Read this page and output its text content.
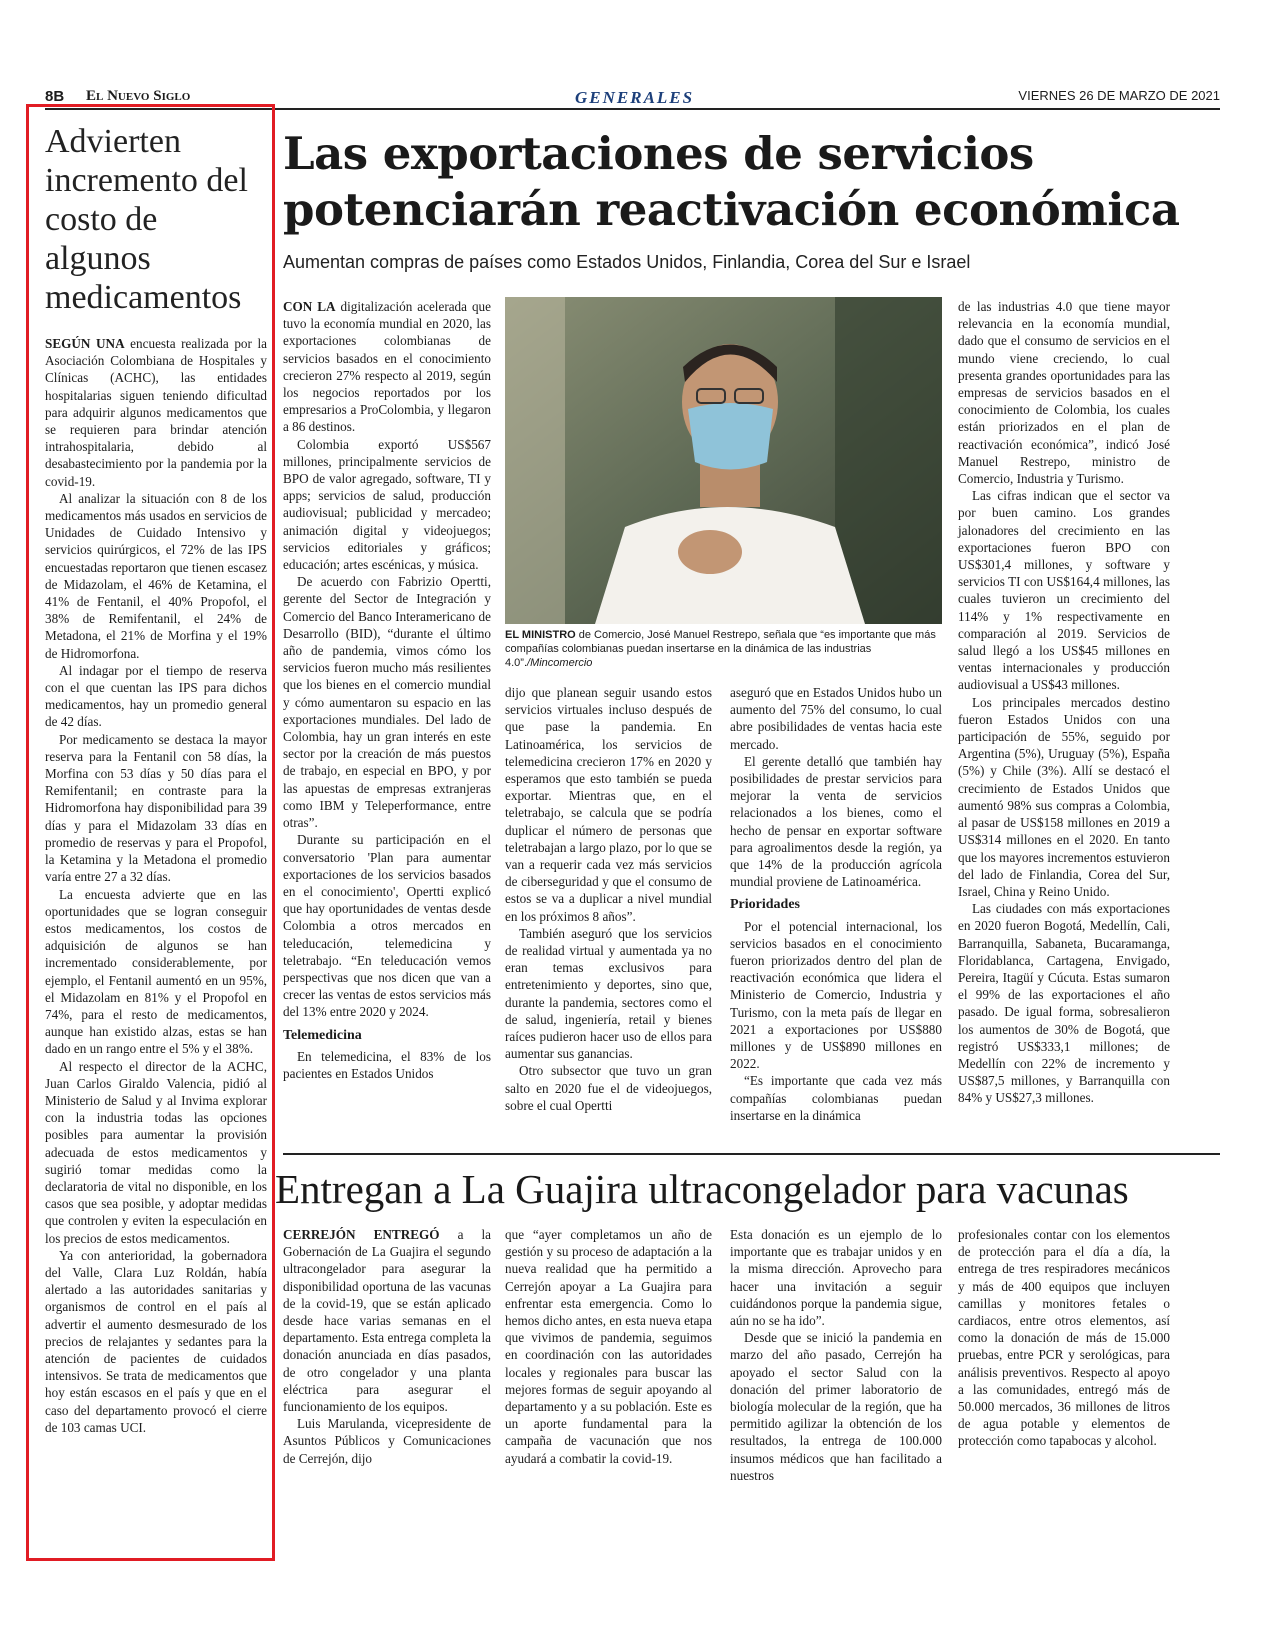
8B El Nuevo Siglo	GENERALES	VIERNES 26 DE MARZO DE 2021
Advierten incremento del costo de algunos medicamentos

SEGÚN UNA encuesta realizada por la Asociación Colombiana de Hospitales y Clínicas (ACHC), las entidades hospitalarias siguen teniendo dificultad para adquirir algunos medicamentos que se requieren para brindar atención intrahospitalaria, debido al desabastecimiento por la pandemia por la covid-19.

Al analizar la situación con 8 de los medicamentos más usados en servicios de Unidades de Cuidado Intensivo y servicios quirúrgicos, el 72% de las IPS encuestadas reportaron que tienen escasez de Midazolam, el 46% de Ketamina, el 41% de Fentanil, el 40% Propofol, el 38% de Remifentanil, el 24% de Metadona, el 21% de Morfina y el 19% de Hidromorfona.

Al indagar por el tiempo de reserva con el que cuentan las IPS para dichos medicamentos, hay un promedio general de 42 días.

Por medicamento se destaca la mayor reserva para la Fentanil con 58 días, la Morfina con 53 días y 50 días para el Remifentanil; en contraste para la Hidromorfona hay disponibilidad para 39 días y para el Midazolam 33 días en promedio de reservas y para el Propofol, la Ketamina y la Metadona el promedio varía entre 27 a 32 días.

La encuesta advierte que en las oportunidades que se logran conseguir estos medicamentos, los costos de adquisición de algunos se han incrementado considerablemente, por ejemplo, el Fentanil aumentó en un 95%, el Midazolam en 81% y el Propofol en 74%, para el resto de medicamentos, aunque han existido alzas, estas se han dado en un rango entre el 5% y el 38%.

Al respecto el director de la ACHC, Juan Carlos Giraldo Valencia, pidió al Ministerio de Salud y al Invima explorar con la industria todas las opciones posibles para aumentar la provisión adecuada de estos medicamentos y sugirió tomar medidas como la declaratoria de vital no disponible, en los casos que sea posible, y adoptar medidas que controlen y eviten la especulación en los precios de estos medicamentos.

Ya con anterioridad, la gobernadora del Valle, Clara Luz Roldán, había alertado a las autoridades sanitarias y organismos de control en el país al advertir el aumento desmesurado de los precios de relajantes y sedantes para la atención de pacientes de cuidados intensivos. Se trata de medicamentos que hoy están escasos en el país y que en el caso del departamento provocó el cierre de 103 camas UCI.

Las exportaciones de servicios potenciarán reactivación económica
Aumentan compras de países como Estados Unidos, Finlandia, Corea del Sur e Israel

CON LA digitalización acelerada que tuvo la economía mundial en 2020, las exportaciones colombianas de servicios basados en el conocimiento crecieron 27% respecto al 2019, según los negocios reportados por los empresarios a ProColombia, y llegaron a 86 destinos.

Colombia exportó US$567 millones, principalmente servicios de BPO de valor agregado, software, TI y apps; servicios de salud, producción audiovisual; publicidad y mercadeo; animación digital y videojuegos; servicios editoriales y gráficos; educación; artes escénicas, y música.

De acuerdo con Fabrizio Opertti, gerente del Sector de Integración y Comercio del Banco Interamericano de Desarrollo (BID), “durante el último año de pandemia, vimos cómo los servicios fueron mucho más resilientes que los bienes en el comercio mundial y cómo aumentaron su espacio en las exportaciones mundiales. Del lado de Colombia, hay un gran interés en este sector por la creación de más puestos de trabajo, en especial en BPO, y por las apuestas de empresas extranjeras como IBM y Teleperformance, entre otras”.

Durante su participación en el conversatorio 'Plan para aumentar exportaciones de los servicios basados en el conocimiento', Opertti explicó que hay oportunidades de ventas desde Colombia a otros mercados en teleducación, telemedicina y teletrabajo. “En teleducación vemos perspectivas que nos dicen que van a crecer las ventas de estos servicios más del 13% entre 2020 y 2024.

Telemedicina

En telemedicina, el 83% de los pacientes en Estados Unidos

EL MINISTRO de Comercio, José Manuel Restrepo, señala que “es importante que más compañías colombianas puedan insertarse en la dinámica de las industrias 4.0”./Mincomercio

dijo que planean seguir usando estos servicios virtuales incluso después de que pase la pandemia. En Latinoamérica, los servicios de telemedicina crecieron 17% en 2020 y esperamos que esto también se pueda exportar. Mientras que, en el teletrabajo, se calcula que se podría duplicar el número de personas que teletrabajan a largo plazo, por lo que se van a requerir cada vez más servicios de ciberseguridad y que el consumo de estos se va a duplicar a nivel mundial en los próximos 8 años”.

También aseguró que los servicios de realidad virtual y aumentada ya no eran temas exclusivos para entretenimiento y deportes, sino que, durante la pandemia, sectores como el de salud, ingeniería, retail y bienes raíces pudieron hacer uso de ellos para aumentar sus ganancias.

Otro subsector que tuvo un gran salto en 2020 fue el de videojuegos, sobre el cual Opertti

aseguró que en Estados Unidos hubo un aumento del 75% del consumo, lo cual abre posibilidades de ventas hacia este mercado.

El gerente detalló que también hay posibilidades de prestar servicios para mejorar la venta de servicios relacionados a los bienes, como el hecho de pensar en exportar software para agroalimentos desde la región, ya que 14% de la producción agrícola mundial proviene de Latinoamérica.

Prioridades

Por el potencial internacional, los servicios basados en el conocimiento fueron priorizados dentro del plan de reactivación económica que lidera el Ministerio de Comercio, Industria y Turismo, con la meta país de llegar en 2021 a exportaciones por US$880 millones y de US$890 millones en 2022.

“Es importante que cada vez más compañías colombianas puedan insertarse en la dinámica

de las industrias 4.0 que tiene mayor relevancia en la economía mundial, dado que el consumo de servicios en el mundo viene creciendo, lo cual presenta grandes oportunidades para las empresas de servicios basados en el conocimiento de Colombia, los cuales están priorizados en el plan de reactivación económica”, indicó José Manuel Restrepo, ministro de Comercio, Industria y Turismo.

Las cifras indican que el sector va por buen camino. Los grandes jalonadores del crecimiento en las exportaciones fueron BPO con US$301,4 millones, y software y servicios TI con US$164,4 millones, las cuales tuvieron un crecimiento del 114% y 1% respectivamente en comparación al 2019. Servicios de salud llegó a los US$45 millones en ventas internacionales y producción audiovisual a US$43 millones.

Los principales mercados destino fueron Estados Unidos con una participación de 55%, seguido por Argentina (5%), Uruguay (5%), España (5%) y Chile (3%). Allí se destacó el crecimiento de Estados Unidos que aumentó 98% sus compras a Colombia, al pasar de US$158 millones en 2019 a US$314 millones en el 2020. En tanto que los mayores incrementos estuvieron del lado de Finlandia, Corea del Sur, Israel, China y Reino Unido.

Las ciudades con más exportaciones en 2020 fueron Bogotá, Medellín, Cali, Barranquilla, Sabaneta, Bucaramanga, Floridablanca, Cartagena, Envigado, Pereira, Itagüí y Cúcuta. Estas sumaron el 99% de las exportaciones el año pasado. De igual forma, sobresalieron los aumentos de 30% de Bogotá, que registró US$333,1 millones; de Medellín con 22% de incremento y US$87,5 millones, y Barranquilla con 84% y US$27,3 millones.

Entregan a La Guajira ultracongelador para vacunas

CERREJÓN ENTREGÓ a la Gobernación de La Guajira el segundo ultracongelador para asegurar la disponibilidad oportuna de las vacunas de la covid-19, que se están aplicado desde hace varias semanas en el departamento. Esta entrega completa la donación anunciada en días pasados, de otro congelador y una planta eléctrica para asegurar el funcionamiento de los equipos.

Luis Marulanda, vicepresidente de Asuntos Públicos y Comunicaciones de Cerrejón, dijo

que “ayer completamos un año de gestión y su proceso de adaptación a la nueva realidad que ha permitido a Cerrejón apoyar a La Guajira para enfrentar esta emergencia. Como lo hemos dicho antes, en esta nueva etapa que vivimos de pandemia, seguimos en coordinación con las autoridades locales y regionales para buscar las mejores formas de seguir apoyando al departamento y a su población. Este es un aporte fundamental para la campaña de vacunación que nos ayudará a combatir la covid-19.

Esta donación es un ejemplo de lo importante que es trabajar unidos y en la misma dirección. Aprovecho para hacer una invitación a seguir cuidándonos porque la pandemia sigue, aún no se ha ido”.

Desde que se inició la pandemia en marzo del año pasado, Cerrejón ha apoyado el sector Salud con la donación del primer laboratorio de biología molecular de la región, que ha permitido agilizar la obtención de los resultados, la entrega de 100.000 insumos médicos que han facilitado a nuestros

profesionales contar con los elementos de protección para el día a día, la entrega de tres respiradores mecánicos y más de 400 equipos que incluyen camillas y monitores fetales o cardiacos, entre otros elementos, así como la donación de más de 15.000 pruebas, entre PCR y serológicas, para análisis preventivos. Respecto al apoyo a las comunidades, entregó más de 50.000 mercados, 36 millones de litros de agua potable y elementos de protección como tapabocas y alcohol.
